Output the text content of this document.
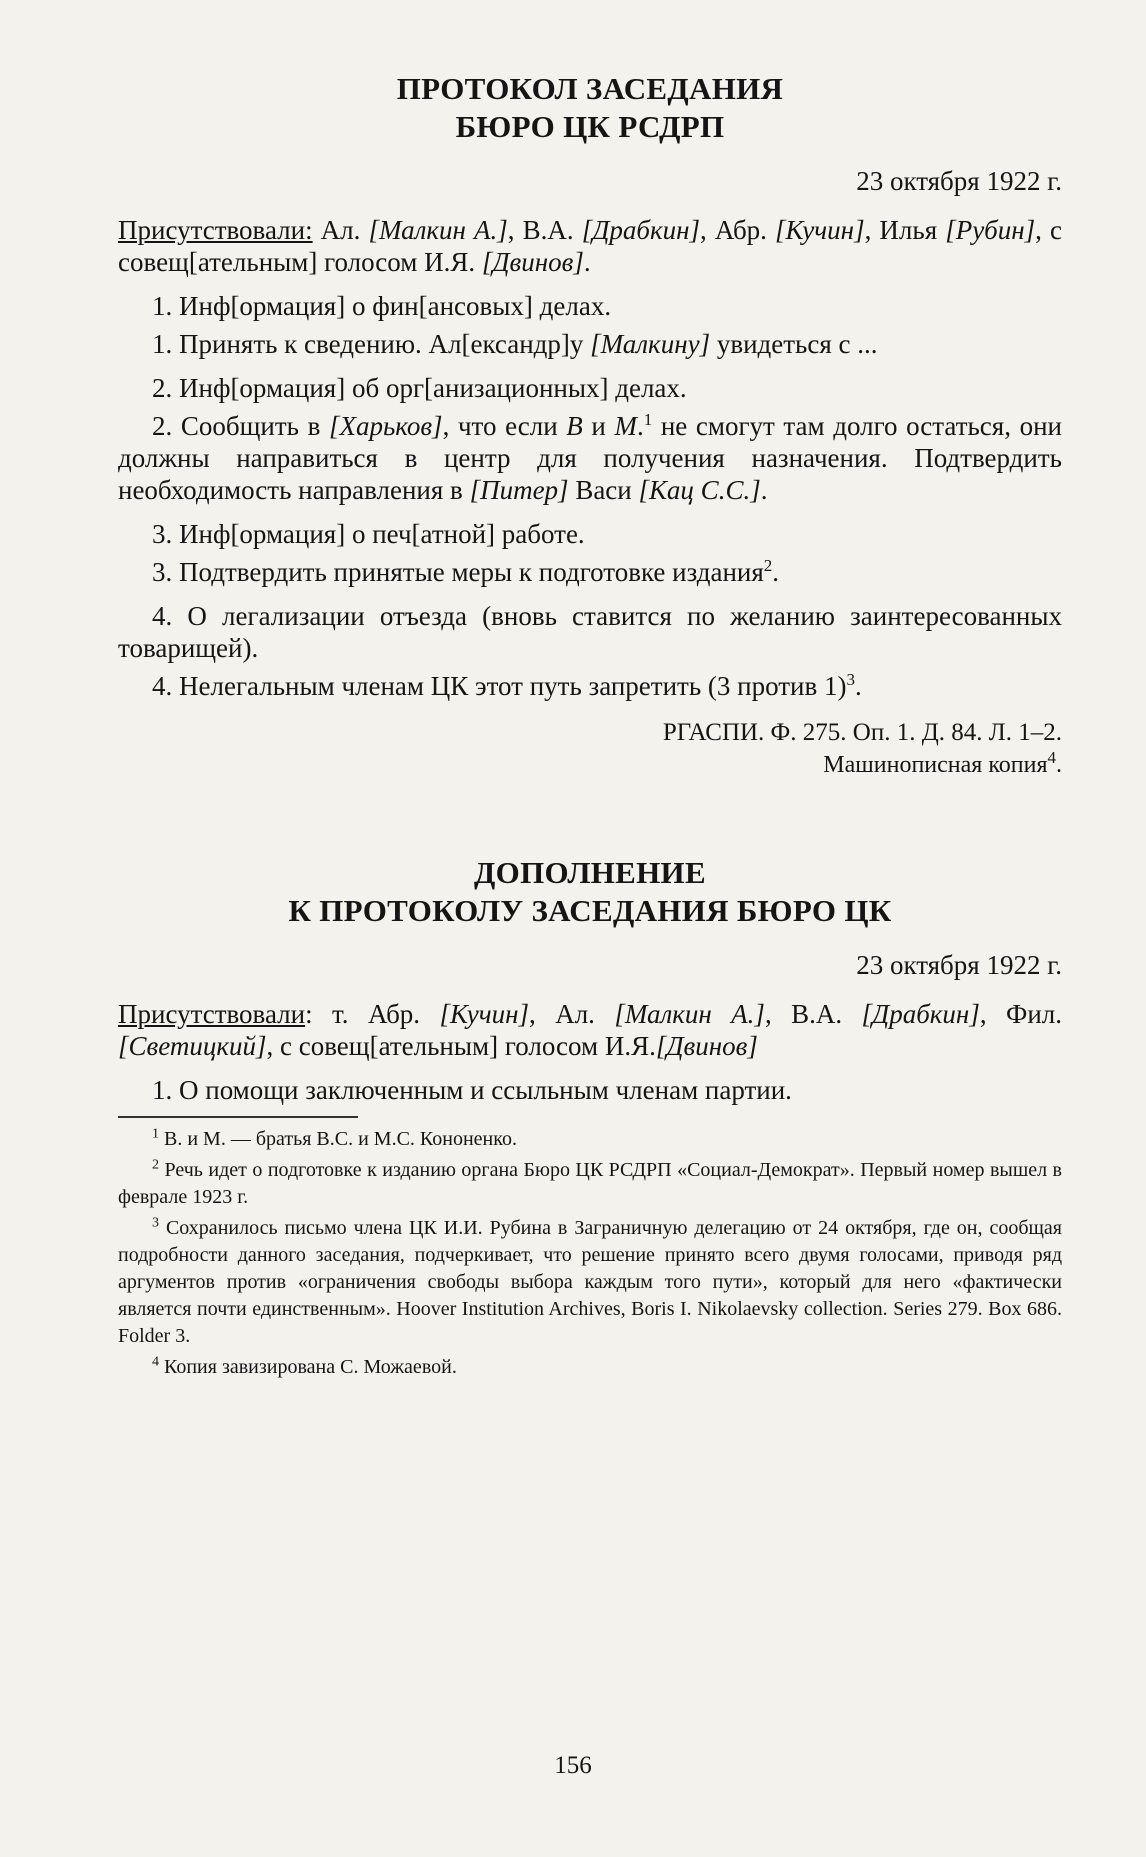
ПРОТОКОЛ ЗАСЕДАНИЯ
БЮРО ЦК РСДРП

23 октября 1922 г.

Присутствовали: Ал. [Малкин А.], В.А. [Драбкин], Абр. [Кучин], Илья [Рубин], с совещ[ательным] голосом И.Я. [Двинов].

1. Инф[ормация] о фин[ансовых] делах.

1. Принять к сведению. Ал[ександр]у [Малкину] увидеться с ...

2. Инф[ормация] об орг[анизационных] делах.

2. Сообщить в [Харьков], что если В и М.$^1$ не смогут там долго остаться, они должны направиться в центр для получения назначения. Подтвердить необходимость направления в [Питер] Васи [Кац С.С.].

3. Инф[ормация] о печ[атной] работе.

3. Подтвердить принятые меры к подготовке издания$^2$.

4. О легализации отъезда (вновь ставится по желанию заинтересованных товарищей).

4. Нелегальным членам ЦК этот путь запретить (3 против 1)$^3$.

РГАСПИ. Ф. 275. Оп. 1. Д. 84. Л. 1–2.

Машинописная копия$^4$.

ДОПОЛНЕНИЕ
К ПРОТОКОЛУ ЗАСЕДАНИЯ БЮРО ЦК

23 октября 1922 г.

Присутствовали: т. Абр. [Кучин], Ал. [Малкин А.], В.А. [Драбкин], Фил. [Светицкий], с совещ[ательным] голосом И.Я.[Двинов]

1. О помощи заключенным и ссыльным членам партии.

$^1$ В. и М. — братья В.С. и М.С. Кононенко.

$^2$ Речь идет о подготовке к изданию органа Бюро ЦК РСДРП «Социал-Демократ». Первый номер вышел в феврале 1923 г.

$^3$ Сохранилось письмо члена ЦК И.И. Рубина в Заграничную делегацию от 24 октября, где он, сообщая подробности данного заседания, подчеркивает, что решение принято всего двумя голосами, приводя ряд аргументов против «ограничения свободы выбора каждым того пути», который для него «фактически является почти единственным». Hoover Institution Archives, Boris I. Nikolaevsky collection. Series 279. Box 686. Folder 3.

$^4$ Копия завизирована С. Можаевой.

156
